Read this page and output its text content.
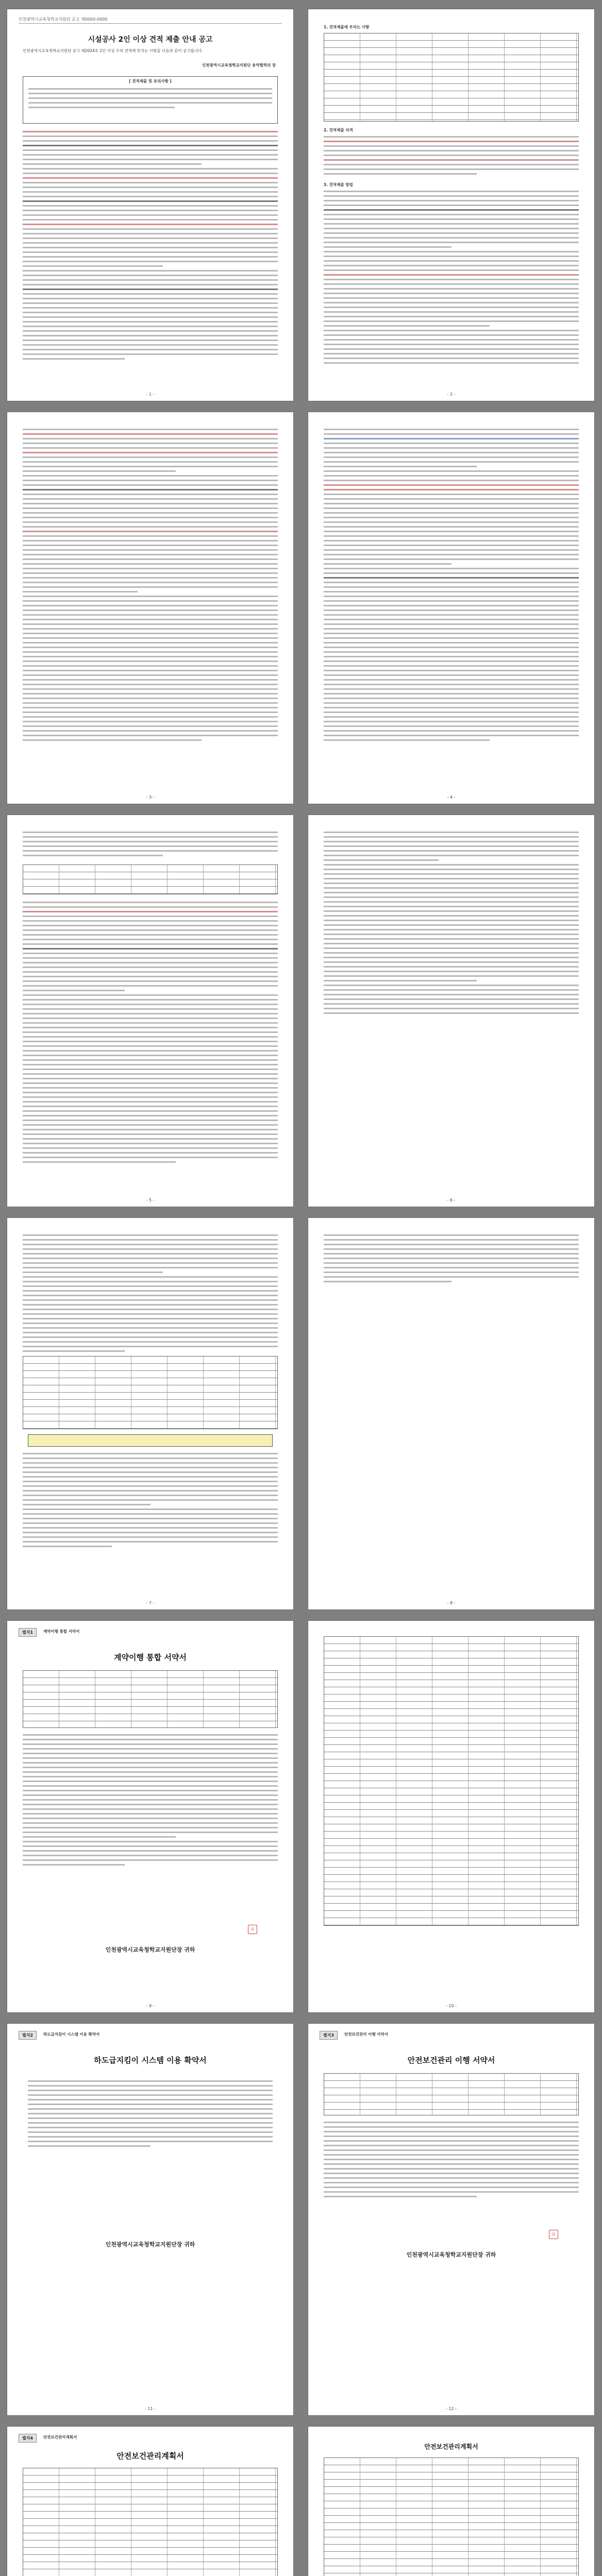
인천광역시교육청학교지원단 공고 제0000-0000
시설공사 2인 이상 견적 제출 안내 공고
인천광역시교육청학교지원단 공고 제2024호 2인 이상 수의 견적에 부치는 사항을 다음과 같이 공고합니다.
인천광역시교육청학교지원단 용역협력의 장
[ 견적제출 및 유의사항 ]
- 1 -
1. 견적제출에 부치는 사항
2. 견적제출 자격
3. 견적제출 방법
- 2 -
- 3 -	- 4 -
- 5 -	- 6 -
- 7 -	- 8 -
별지1	계약이행 통합 서약서
계약이행 통합 서약서
印
인천광역시교육청학교지원단장 귀하
- 9 -	- 10 -
별지2	하도급지킴이 시스템 이용 확약서
하도급지킴이 시스템 이용 확약서
인천광역시교육청학교지원단장 귀하
- 11 -
별지3	안전보건관리 이행 서약서
안전보건관리 이행 서약서
印
인천광역시교육청학교지원단장 귀하
- 12 -
별지4	안전보건관리계획서
안전보건관리계획서
안전보건관리계획서
